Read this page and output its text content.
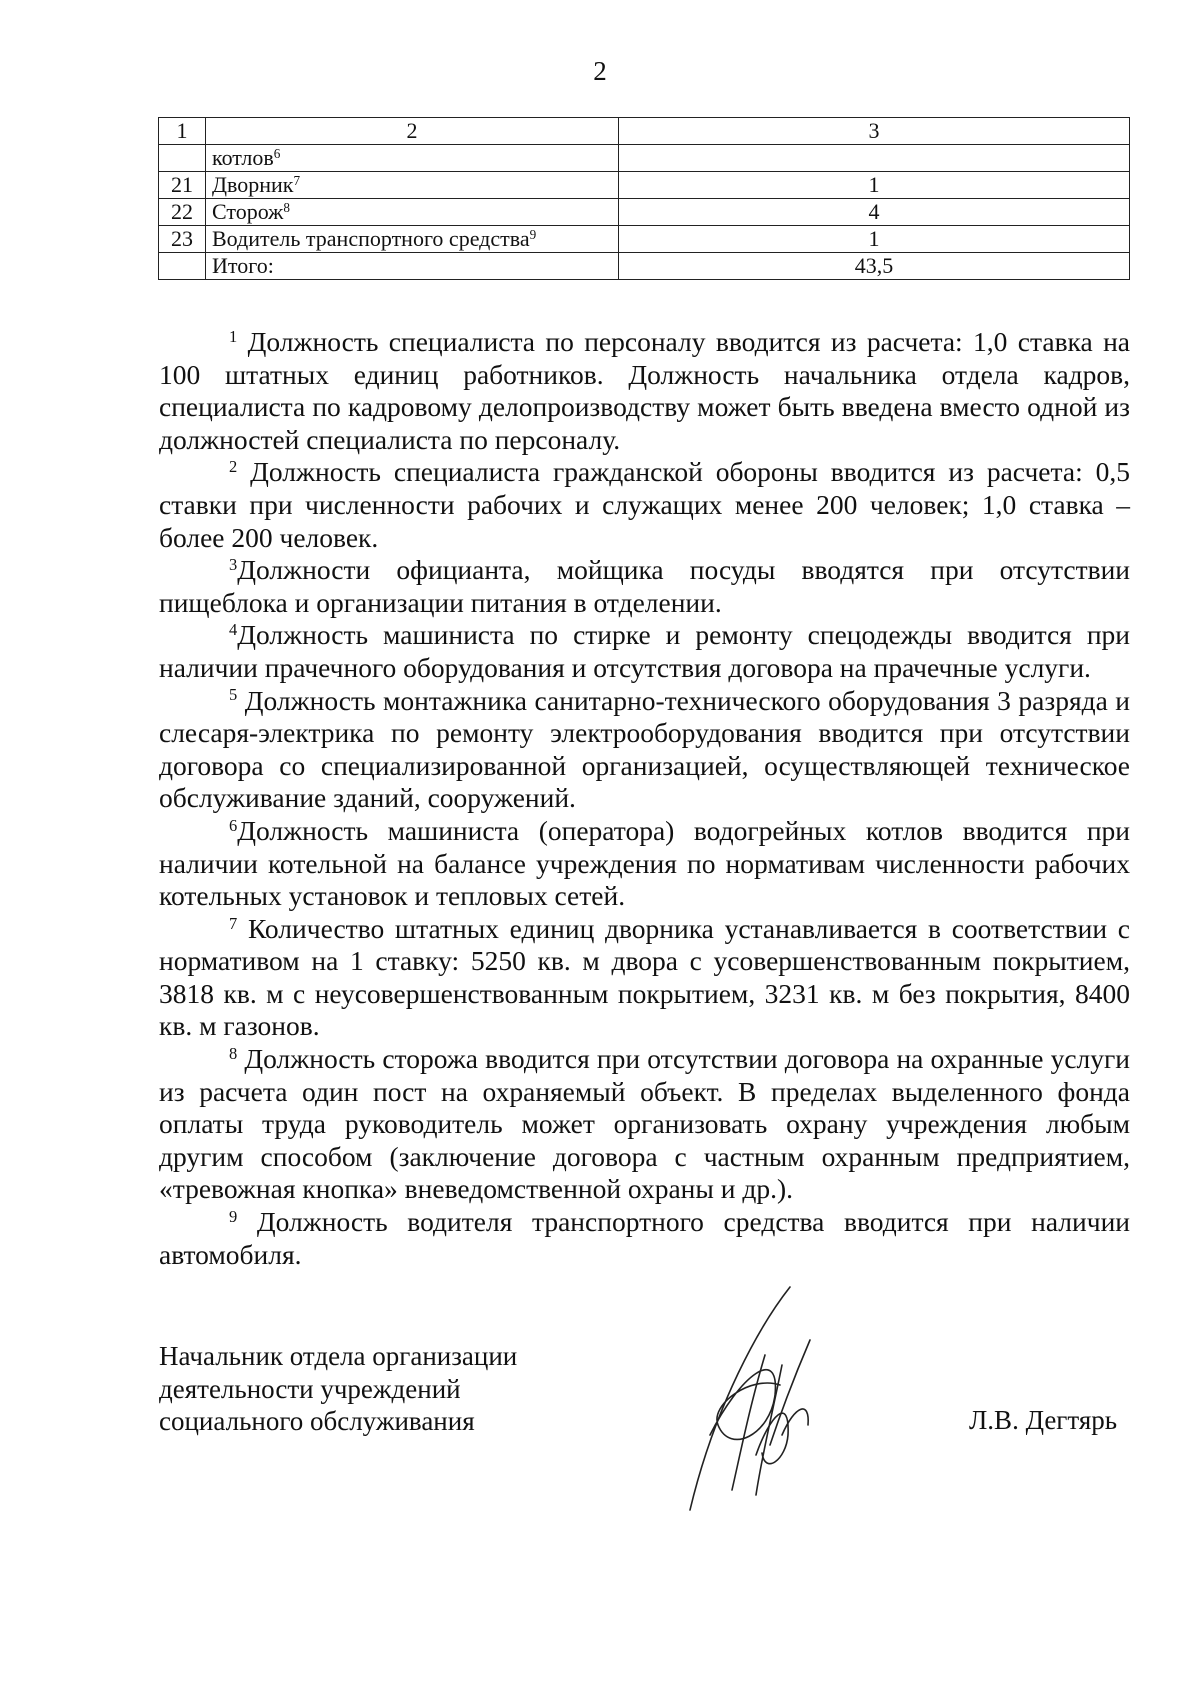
2
1	2	3
	котлов$^6$	
21	Дворник$^7$	1
22	Сторож$^8$	4
23	Водитель транспортного средства$^9$	1
	Итого:	43,5

$^1$ Должность специалиста по персоналу вводится из расчета: 1,0 ставка на 100 штатных единиц работников. Должность начальника отдела кадров, специалиста по кадровому делопроизводству может быть введена вместо одной из должностей специалиста по персоналу.

$^2$ Должность специалиста гражданской обороны вводится из расчета: 0,5 ставки при численности рабочих и служащих менее 200 человек; 1,0 ставка – более 200 человек.

$^3$Должности официанта, мойщика посуды вводятся при отсутствии пищеблока и организации питания в отделении.

$^4$Должность машиниста по стирке и ремонту спецодежды вводится при наличии прачечного оборудования и отсутствия договора на прачечные услуги.

$^5$ Должность монтажника санитарно-технического оборудования 3 разряда и слесаря-электрика по ремонту электрооборудования вводится при отсутствии договора со специализированной организацией, осуществляющей техническое обслуживание зданий, сооружений.

$^6$Должность машиниста (оператора) водогрейных котлов вводится при наличии котельной на балансе учреждения по нормативам численности рабочих котельных установок и тепловых сетей.

$^7$ Количество штатных единиц дворника устанавливается в соответствии с нормативом на 1 ставку: 5250 кв. м двора с усовершенствованным покрытием, 3818 кв. м с неусовершенствованным покрытием, 3231 кв. м без покрытия, 8400 кв. м газонов.

$^8$ Должность сторожа вводится при отсутствии договора на охранные услуги из расчета один пост на охраняемый объект. В пределах выделенного фонда оплаты труда руководитель может организовать охрану учреждения любым другим способом (заключение договора с частным охранным предприятием, «тревожная кнопка» вневедомственной охраны и др.).

$^9$ Должность водителя транспортного средства вводится при наличии автомобиля.

Начальник отдела организации
деятельности учреждений
социального обслуживания	Л.В. Дегтярь
